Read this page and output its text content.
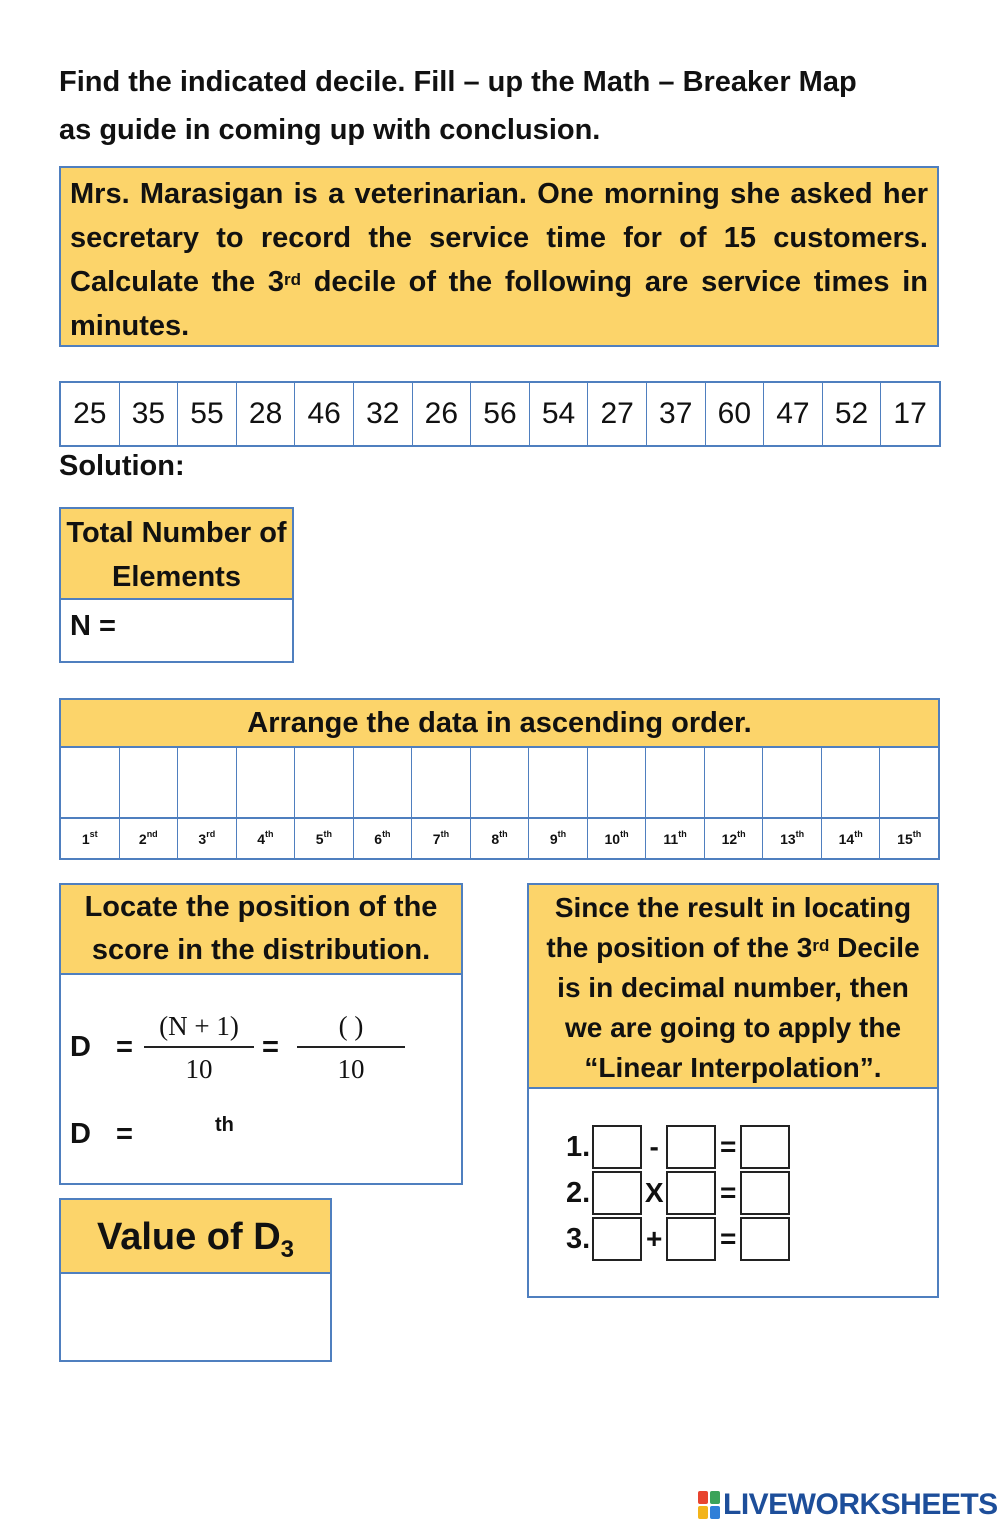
Find the indicated decile. Fill – up the Math – Breaker Map
as guide in coming up with conclusion.
Mrs. Marasigan is a veterinarian. One morning she asked her secretary to record the service time for of 15 customers. Calculate the 3rd decile of the following are service times in minutes.
25 35 55 28 46 32 26 56 54 27 37 60 47 52 17
Solution:
Total Number of Elements
N =
Arrange the data in ascending order.
1 st	2 nd	3 rd	4 th	5 th	6 th	7 th	8 th	9 th	10 th 11 th 12 th 13 th 14 th 15 th
Locate the position of the
score in the distribution.
D =
(N + 1)
10
=
( )
10
D =	th
Since the result in locating
the position of the 3rd Decile
is in decimal number, then
we are going to apply the
“Linear Interpolation”.
1. - =
2. X =
3. + =
Value of $D_3$
LIVEWORKSHEETS
